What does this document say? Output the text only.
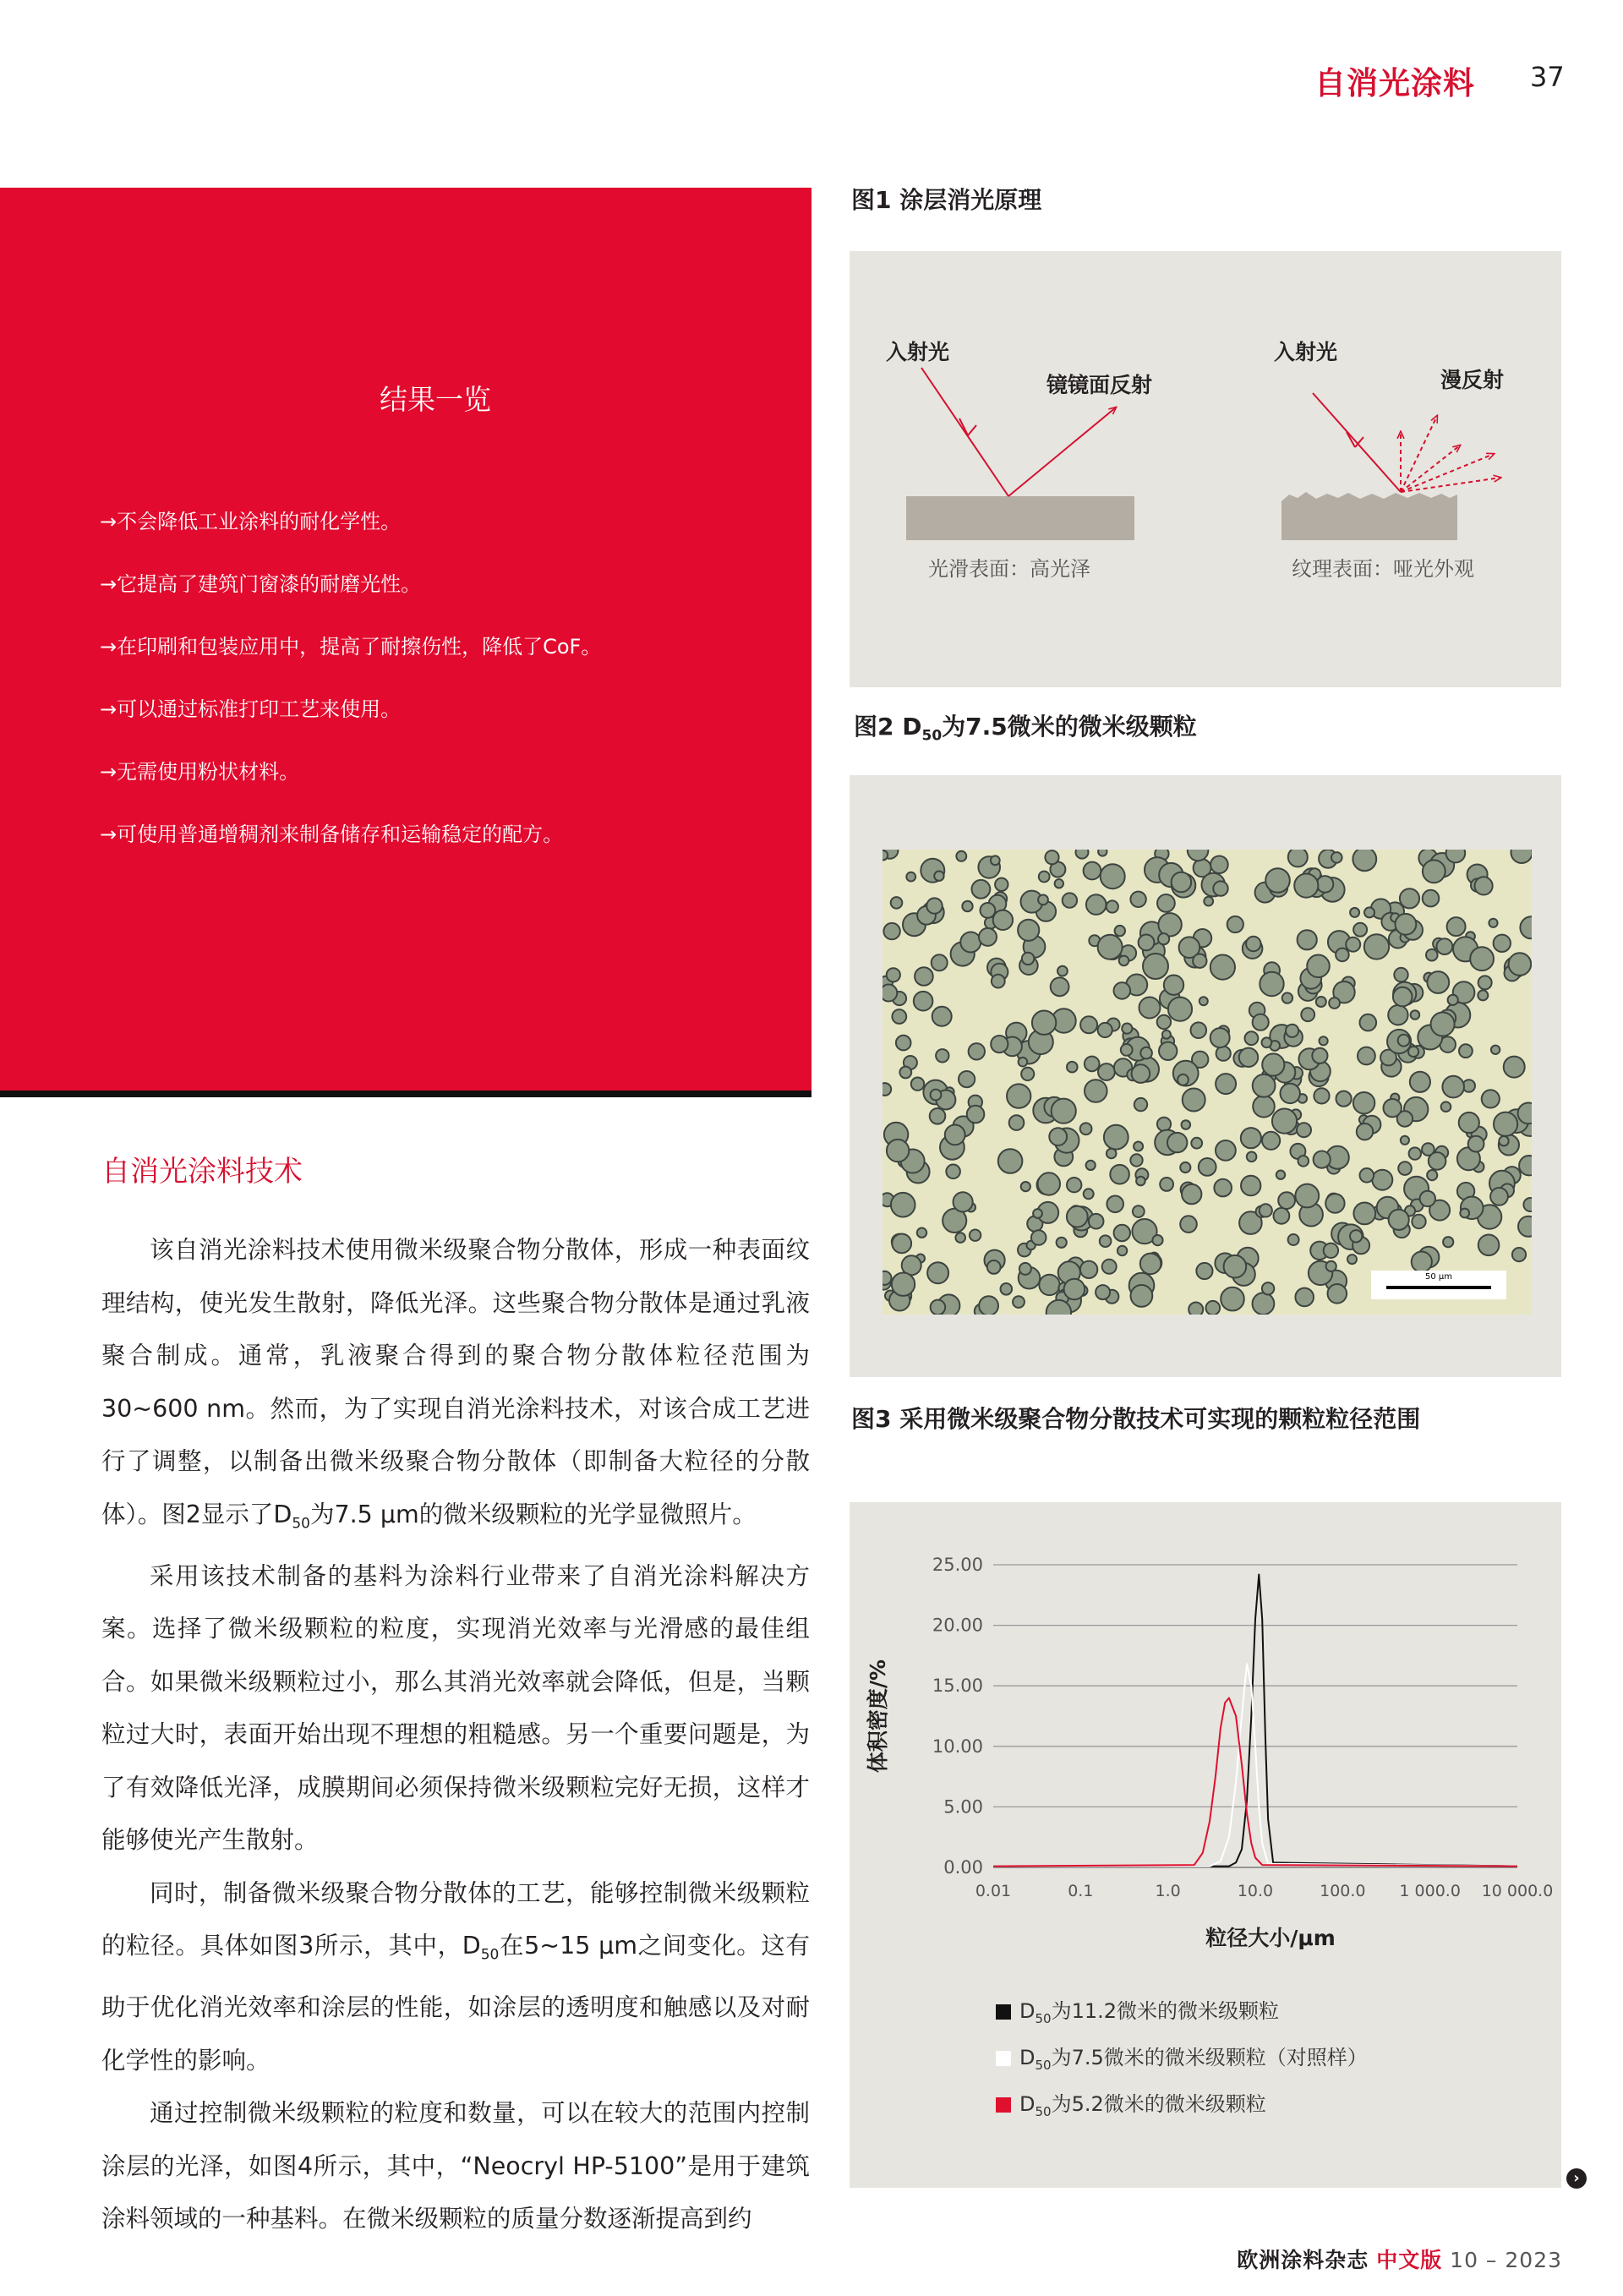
自消光涂料 37
结果一览
→不会降低工业涂料的耐化学性。
→它提高了建筑门窗漆的耐磨光性。
→在印刷和包装应用中，提高了耐擦伤性，降低了CoF。
→可以通过标准打印工艺来使用。
→无需使用粉状材料。
→可使用普通增稠剂来制备储存和运输稳定的配方。
自消光涂料技术

该自消光涂料技术使用微米级聚合物分散体，形成一种表面纹理结构，使光发生散射，降低光泽。这些聚合物分散体是通过乳液聚合制成。通常，乳液聚合得到的聚合物分散体粒径范围为30~600 nm。然而，为了实现自消光涂料技术，对该合成工艺进行了调整，以制备出微米级聚合物分散体（即制备大粒径的分散体）。图2显示了$D_{50}$为7.5 μm的微米级颗粒的光学显微照片。

采用该技术制备的基料为涂料行业带来了自消光涂料解决方案。选择了微米级颗粒的粒度，实现消光效率与光滑感的最佳组合。如果微米级颗粒过小，那么其消光效率就会降低，但是，当颗粒过大时，表面开始出现不理想的粗糙感。另一个重要问题是，为了有效降低光泽，成膜期间必须保持微米级颗粒完好无损，这样才能够使光产生散射。

同时，制备微米级聚合物分散体的工艺，能够控制微米级颗粒的粒径。具体如图3所示，其中，$D_{50}$在5~15 μm之间变化。这有助于优化消光效率和涂层的性能，如涂层的透明度和触感以及对耐化学性的影响。

通过控制微米级颗粒的粒度和数量，可以在较大的范围内控制涂层的光泽，如图4所示，其中，“Neocryl HP-5100”是用于建筑涂料领域的一种基料。在微米级颗粒的质量分数逐渐提高到约

图1 涂层消光原理
入射光
镜镜面反射
光滑表面：高光泽
入射光
漫反射
纹理表面：哑光外观
图2 $D_{50}$为7.5微米的微米级颗粒
50 μm
图3 采用微米级聚合物分散技术可实现的颗粒粒径范围
0.00
5.00
10.00
15.00
20.00
25.00
0.01	0.1	1.0	10.0	100.0 1 000.0 10 000.0
粒径大小/μm
体积密度/%
$D_{50}$为11.2微米的微米级颗粒
$D_{50}$为7.5微米的微米级颗粒（对照样）
$D_{50}$为5.2微米的微米级颗粒
›
欧洲涂料杂志 中文版 10 – 2023
